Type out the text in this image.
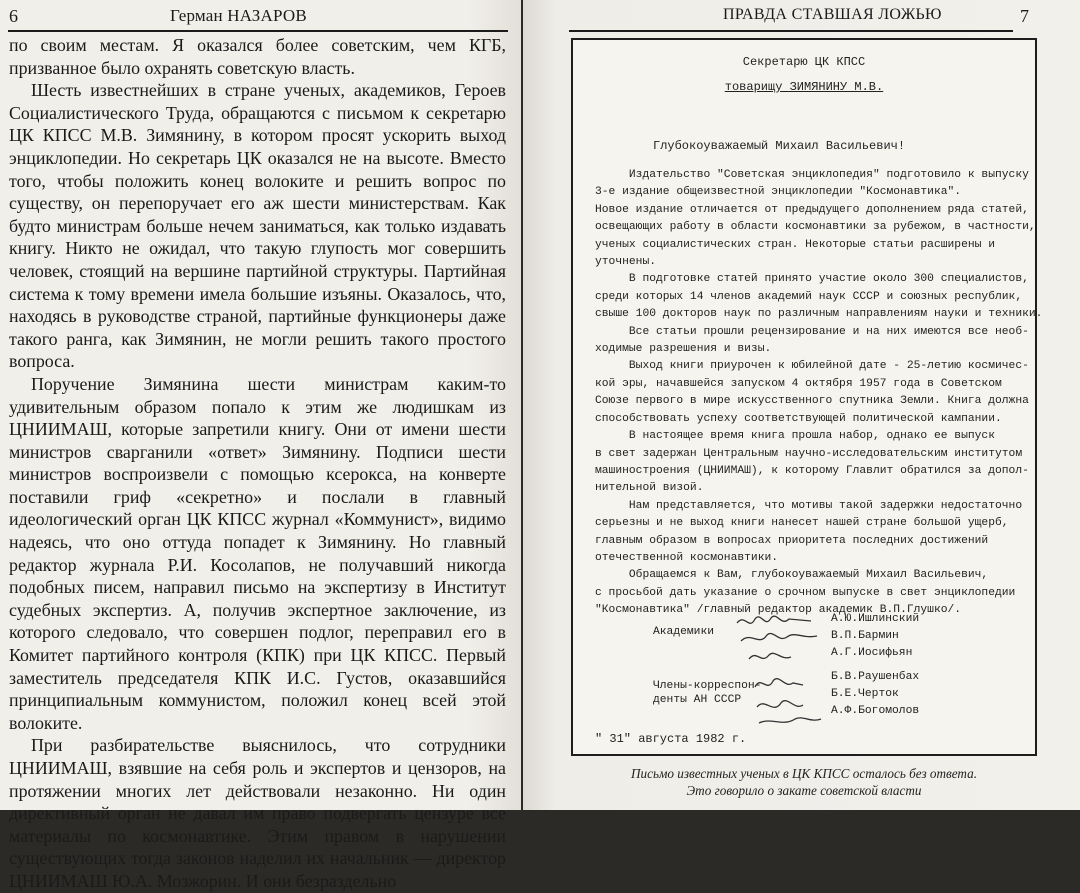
6	Герман НАЗАРОВ

по своим местам. Я оказался более советским, чем КГБ, призванное было охранять советскую власть.

Шесть известнейших в стране ученых, академиков, Героев Социалистического Труда, обращаются с письмом к секретарю ЦК КПСС М.В. Зимянину, в котором просят ускорить выход энциклопедии. Но секретарь ЦК оказался не на высоте. Вместо того, чтобы положить конец волоките и решить вопрос по существу, он перепоручает его аж шести министерствам. Как будто министрам больше нечем заниматься, как только издавать книгу. Никто не ожидал, что такую глупость мог совершить человек, стоящий на вершине партийной структуры. Партийная система к тому времени имела большие изъяны. Оказалось, что, находясь в руководстве страной, партийные функционеры даже такого ранга, как Зимянин, не могли решить такого простого вопроса.

Поручение Зимянина шести министрам каким-то удивительным образом попало к этим же людишкам из ЦНИИМАШ, которые запретили книгу. Они от имени шести министров сварганили «ответ» Зимянину. Подписи шести министров воспроизвели с помощью ксерокса, на конверте поставили гриф «секретно» и послали в главный идеологический орган ЦК КПСС журнал «Коммунист», видимо надеясь, что оно оттуда попадет к Зимянину. Но главный редактор журнала Р.И. Косолапов, не получавший никогда подобных писем, направил письмо на экспертизу в Институт судебных экспертиз. А, получив экспертное заключение, из которого следовало, что совершен подлог, переправил его в Комитет партийного контроля (КПК) при ЦК КПСС. Первый заместитель председателя КПК И.С. Густов, оказавшийся принципиальным коммунистом, положил конец всей этой волоките.

При разбирательстве выяснилось, что сотрудники ЦНИИМАШ, взявшие на себя роль и экспертов и цензоров, на протяжении многих лет действовали незаконно. Ни один директивный орган не давал им право подвергать цензуре все материалы по космонавтике. Этим правом в нарушении существующих тогда законов наделил их начальник — директор ЦНИИМАШ Ю.А. Мозжорин. И они безраздельно

ПРАВДА СТАВШАЯ ЛОЖЬЮ	7
Секретарю ЦК КПСС
товарищу ЗИМЯНИНУ М.В.
Глубокоуважаемый Михаил Васильевич!
Издательство "Советская энциклопедия" подготовило к выпуску
3-е издание общеизвестной энциклопедии "Космонавтика".
Новое издание отличается от предыдущего дополнением ряда статей,
освещающих работу в области космонавтики за рубежом, в частности,
ученых социалистических стран. Некоторые статьи расширены и
уточнены.
В подготовке статей принято участие около 300 специалистов,
среди которых 14 членов академий наук СССР и союзных республик,
свыше 100 докторов наук по различным направлениям науки и техники.
Все статьи прошли рецензирование и на них имеются все необ-
ходимые разрешения и визы.
Выход книги приурочен к юбилейной дате - 25-летию космичес-
кой эры, начавшейся запуском 4 октября 1957 года в Советском
Союзе первого в мире искусственного спутника Земли. Книга должна
способствовать успеху соответствующей политической кампании.
В настоящее время книга прошла набор, однако ее выпуск
в свет задержан Центральным научно-исследовательским институтом
машиностроения (ЦНИИМАШ), к которому Главлит обратился за допол-
нительной визой.
Нам представляется, что мотивы такой задержки недостаточно
серьезны и не выход книги нанесет нашей стране большой ущерб,
главным образом в вопросах приоритета последних достижений
отечественной космонавтики.
Обращаемся к Вам, глубокоуважаемый Михаил Васильевич,
с просьбой дать указание о срочном выпуске в свет энциклопедии
"Космонавтика" /главный редактор академик В.П.Глушко/.
Академики
А.Ю.Ишлинский
В.П.Бармин
А.Г.Иосифьян
Члены-корреспон-
денты АН СССР
Б.В.Раушенбах
Б.Е.Черток
А.Ф.Богомолов
" 31" августа 1982 г.
Письмо известных ученых в ЦК КПСС осталось без ответа.
Это говорило о закате советской власти
